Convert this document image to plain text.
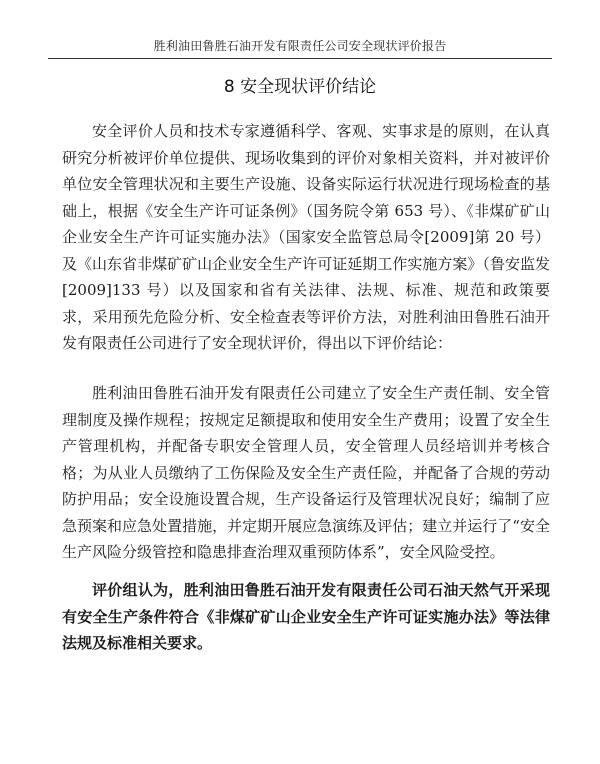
胜利油田鲁胜石油开发有限责任公司安全现状评价报告
8 安全现状评价结论

安全评价人员和技术专家遵循科学、客观、实事求是的原则，在认真研究分析被评价单位提供、现场收集到的评价对象相关资料，并对被评价单位安全管理状况和主要生产设施、设备实际运行状况进行现场检查的基础上，根据《安全生产许可证条例》（国务院令第 653 号）、《非煤矿矿山企业安全生产许可证实施办法》（国家安全监管总局令[2009]第 20 号）及《山东省非煤矿矿山企业安全生产许可证延期工作实施方案》（鲁安监发[2009]133 号）以及国家和省有关法律、法规、标准、规范和政策要求，采用预先危险分析、安全检查表等评价方法，对胜利油田鲁胜石油开发有限责任公司进行了安全现状评价，得出以下评价结论：

胜利油田鲁胜石油开发有限责任公司建立了安全生产责任制、安全管理制度及操作规程；按规定足额提取和使用安全生产费用；设置了安全生产管理机构，并配备专职安全管理人员，安全管理人员经培训并考核合格；为从业人员缴纳了工伤保险及安全生产责任险，并配备了合规的劳动防护用品；安全设施设置合规，生产设备运行及管理状况良好；编制了应急预案和应急处置措施，并定期开展应急演练及评估；建立并运行了“安全生产风险分级管控和隐患排查治理双重预防体系”，安全风险受控。

评价组认为，胜利油田鲁胜石油开发有限责任公司石油天然气开采现有安全生产条件符合《非煤矿矿山企业安全生产许可证实施办法》等法律法规及标准相关要求。
